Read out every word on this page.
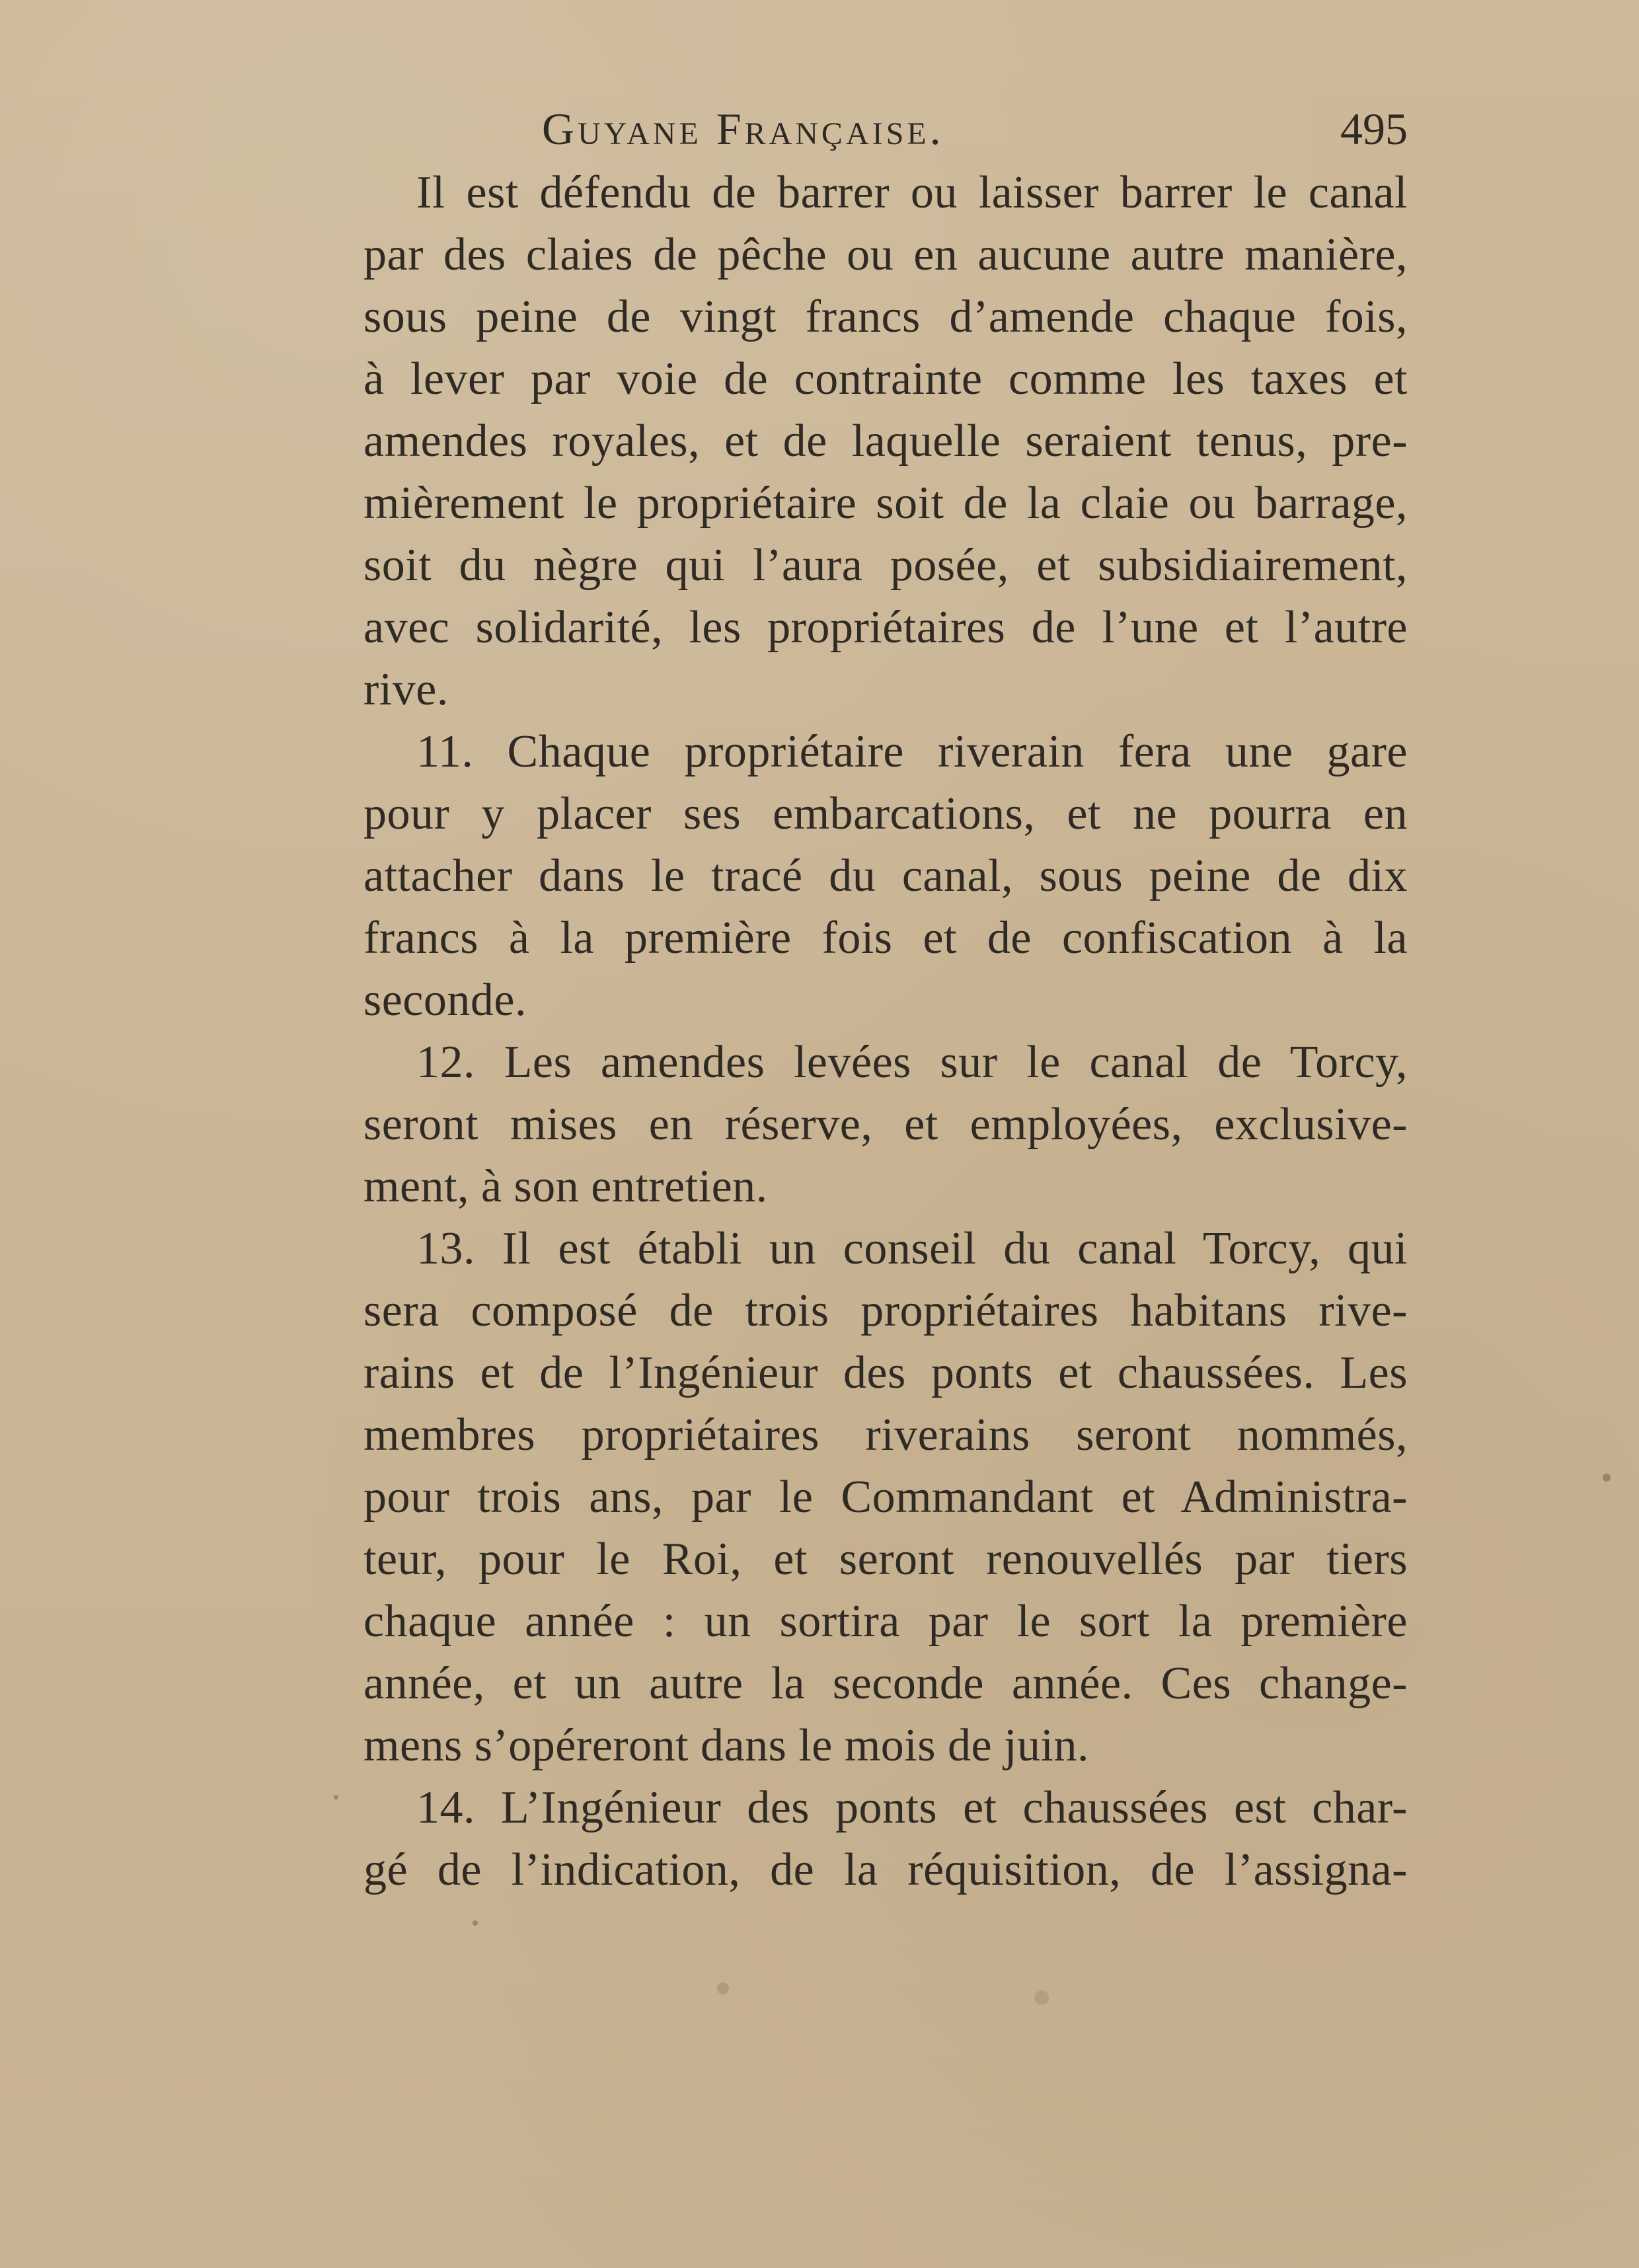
Guyane Française.	495
Il est défendu de barrer ou laisser barrer le canal
par des claies de pêche ou en aucune autre manière,
sous peine de vingt francs d’amende chaque fois,
à lever par voie de contrainte comme les taxes et
amendes royales, et de laquelle seraient tenus, pre-
mièrement le propriétaire soit de la claie ou barrage,
soit du nègre qui l’aura posée, et subsidiairement,
avec solidarité, les propriétaires de l’une et l’autre
rive.
11. Chaque propriétaire riverain fera une gare
pour y placer ses embarcations, et ne pourra en
attacher dans le tracé du canal, sous peine de dix
francs à la première fois et de confiscation à la
seconde.
12. Les amendes levées sur le canal de Torcy,
seront mises en réserve, et employées, exclusive-
ment, à son entretien.
13. Il est établi un conseil du canal Torcy, qui
sera composé de trois propriétaires habitans rive-
rains et de l’Ingénieur des ponts et chaussées. Les
membres propriétaires riverains seront nommés,
pour trois ans, par le Commandant et Administra-
teur, pour le Roi, et seront renouvellés par tiers
chaque année : un sortira par le sort la première
année, et un autre la seconde année. Ces change-
mens s’opéreront dans le mois de juin.
14. L’Ingénieur des ponts et chaussées est char-
gé de l’indication, de la réquisition, de l’assigna-
